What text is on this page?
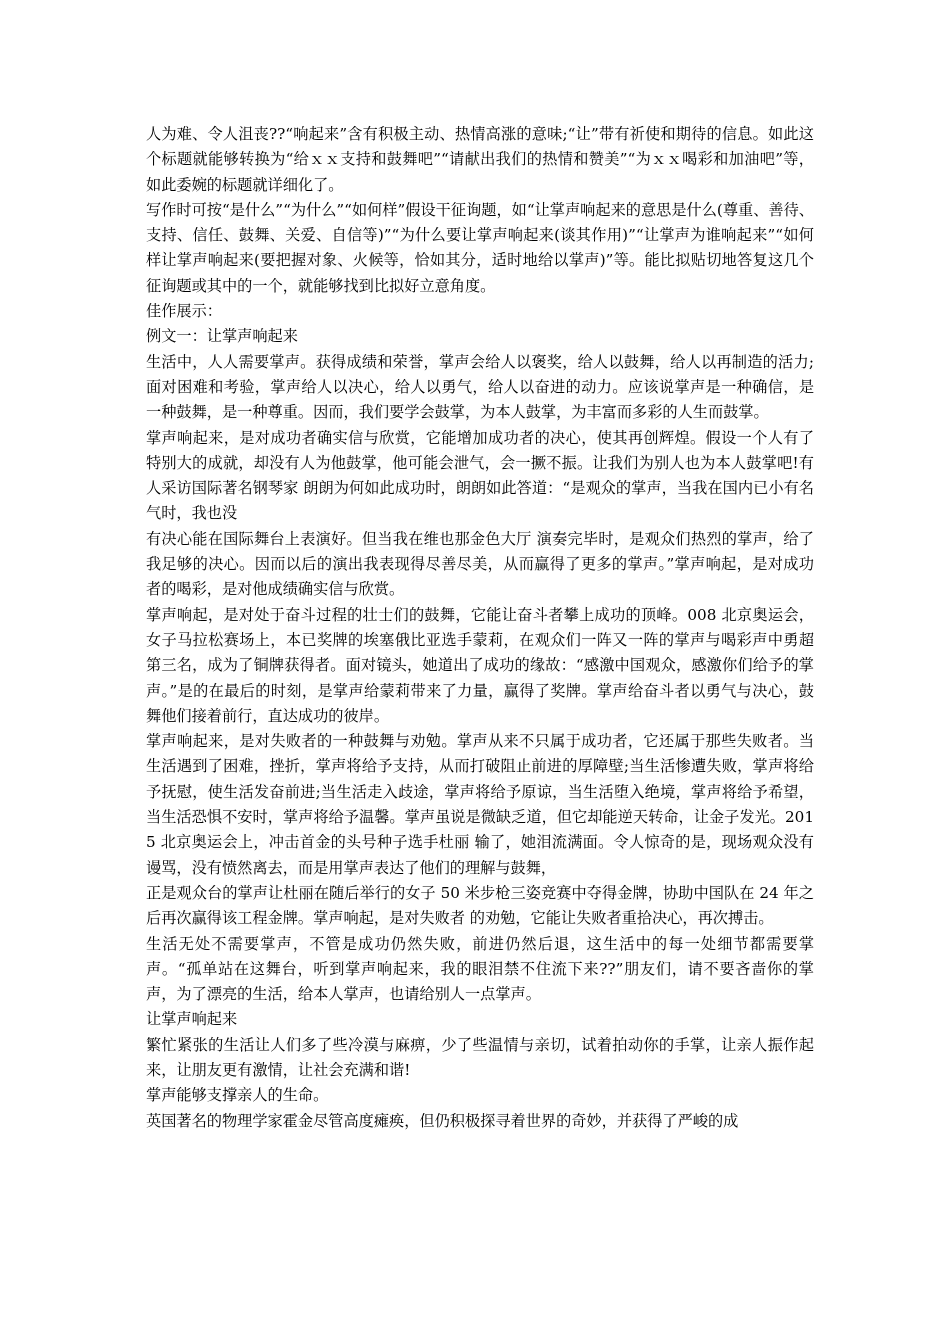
人为难、令人沮丧??“响起来”含有积极主动、热情高涨的意味;“让”带有祈使和期待的信息。如此这个标题就能够转换为“给ｘｘ支持和鼓舞吧”“请献出我们的热情和赞美”“为ｘｘ喝彩和加油吧”等，如此委婉的标题就详细化了。

写作时可按“是什么”“为什么”“如何样”假设干征询题，如“让掌声响起来的意思是什么(尊重、善待、支持、信任、鼓舞、关爱、自信等)”“为什么要让掌声响起来(谈其作用)”“让掌声为谁响起来”“如何样让掌声响起来(要把握对象、火候等，恰如其分，适时地给以掌声)”等。能比拟贴切地答复这几个征询题或其中的一个，就能够找到比拟好立意角度。

佳作展示：

例文一：让掌声响起来

生活中，人人需要掌声。获得成绩和荣誉，掌声会给人以褒奖，给人以鼓舞，给人以再制造的活力;面对困难和考验，掌声给人以决心，给人以勇气，给人以奋进的动力。应该说掌声是一种确信，是一种鼓舞，是一种尊重。因而，我们要学会鼓掌，为本人鼓掌，为丰富而多彩的人生而鼓掌。

掌声响起来，是对成功者确实信与欣赏，它能增加成功者的决心，使其再创辉煌。假设一个人有了特别大的成就，却没有人为他鼓掌，他可能会泄气，会一撅不振。让我们为别人也为本人鼓掌吧!有人采访国际著名钢琴家 朗朗为何如此成功时，朗朗如此答道：“是观众的掌声，当我在国内已小有名气时，我也没

有决心能在国际舞台上表演好。但当我在维也那金色大厅 演奏完毕时，是观众们热烈的掌声，给了我足够的决心。因而以后的演出我表现得尽善尽美，从而赢得了更多的掌声。”掌声响起，是对成功者的喝彩，是对他成绩确实信与欣赏。

掌声响起，是对处于奋斗过程的壮士们的鼓舞，它能让奋斗者攀上成功的顶峰。008 北京奥运会，女子马拉松赛场上，本已奖牌的埃塞俄比亚选手蒙莉，在观众们一阵又一阵的掌声与喝彩声中勇超第三名，成为了铜牌获得者。面对镜头，她道出了成功的缘故：“感激中国观众，感激你们给予的掌声。”是的在最后的时刻，是掌声给蒙莉带来了力量，赢得了奖牌。掌声给奋斗者以勇气与决心，鼓舞他们接着前行，直达成功的彼岸。

掌声响起来，是对失败者的一种鼓舞与劝勉。掌声从来不只属于成功者，它还属于那些失败者。当生活遇到了困难，挫折，掌声将给予支持，从而打破阻止前进的厚障壁;当生活惨遭失败，掌声将给予抚慰，使生活发奋前进;当生活走入歧途，掌声将给予原谅，当生活堕入绝境，掌声将给予希望，当生活恐惧不安时，掌声将给予温馨。掌声虽说是微缺乏道，但它却能逆天转命，让金子发光。2015 北京奥运会上，冲击首金的头号种子选手杜丽 输了，她泪流满面。令人惊奇的是，现场观众没有谩骂，没有愤然离去，而是用掌声表达了他们的理解与鼓舞，

正是观众台的掌声让杜丽在随后举行的女子 50 米步枪三姿竞赛中夺得金牌，协助中国队在 24 年之后再次赢得该工程金牌。掌声响起，是对失败者 的劝勉，它能让失败者重拾决心，再次搏击。

生活无处不需要掌声，不管是成功仍然失败，前进仍然后退，这生活中的每一处细节都需要掌声。“孤单站在这舞台，听到掌声响起来，我的眼泪禁不住流下来??”朋友们，请不要吝啬你的掌声，为了漂亮的生活，给本人掌声，也请给别人一点掌声。

让掌声响起来

繁忙紧张的生活让人们多了些冷漠与麻痹，少了些温情与亲切，试着拍动你的手掌，让亲人振作起来，让朋友更有激情，让社会充满和谐!

掌声能够支撑亲人的生命。

英国著名的物理学家霍金尽管高度瘫痪，但仍积极探寻着世界的奇妙，并获得了严峻的成
